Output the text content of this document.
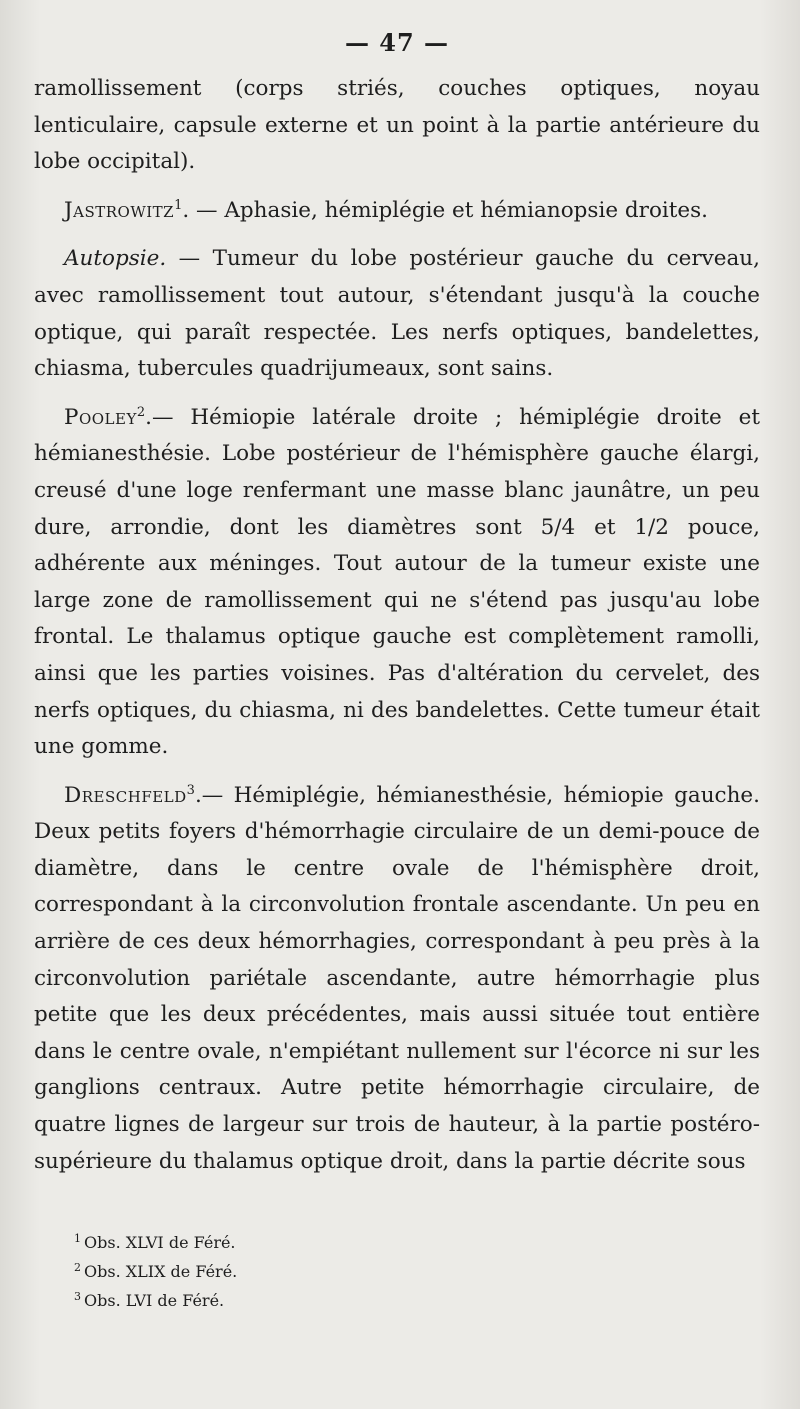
— 47 —

ramollissement (corps striés, couches optiques, noyau lenticulaire, capsule externe et un point à la partie antérieure du lobe occipital).

Jastrowitz$^1$. — Aphasie, hémiplégie et hémianopsie droites.

Autopsie. — Tumeur du lobe postérieur gauche du cerveau, avec ramollissement tout autour, s'étendant jusqu'à la couche optique, qui paraît respectée. Les nerfs optiques, bandelettes, chiasma, tubercules quadrijumeaux, sont sains.

Pooley$^2$.— Hémiopie latérale droite ; hémiplégie droite et hémianesthésie. Lobe postérieur de l'hémisphère gauche élargi, creusé d'une loge renfermant une masse blanc jaunâtre, un peu dure, arrondie, dont les diamètres sont 5/4 et 1/2 pouce, adhérente aux méninges. Tout autour de la tumeur existe une large zone de ramollissement qui ne s'étend pas jusqu'au lobe frontal. Le thalamus optique gauche est complètement ramolli, ainsi que les parties voisines. Pas d'altération du cervelet, des nerfs optiques, du chiasma, ni des bandelettes. Cette tumeur était une gomme.

Dreschfeld$^3$.— Hémiplégie, hémianesthésie, hémiopie gauche. Deux petits foyers d'hémorrhagie circulaire de un demi-pouce de diamètre, dans le centre ovale de l'hémisphère droit, correspondant à la circonvolution frontale ascendante. Un peu en arrière de ces deux hémorrhagies, correspondant à peu près à la circonvolution pariétale ascendante, autre hémorrhagie plus petite que les deux précédentes, mais aussi située tout entière dans le centre ovale, n'empiétant nullement sur l'écorce ni sur les ganglions centraux. Autre petite hémorrhagie circulaire, de quatre lignes de largeur sur trois de hauteur, à la partie postéro-supérieure du thalamus optique droit, dans la partie décrite sous

$^1$ Obs. XLVI de Féré.
$^2$ Obs. XLIX de Féré.
$^3$ Obs. LVI de Féré.
